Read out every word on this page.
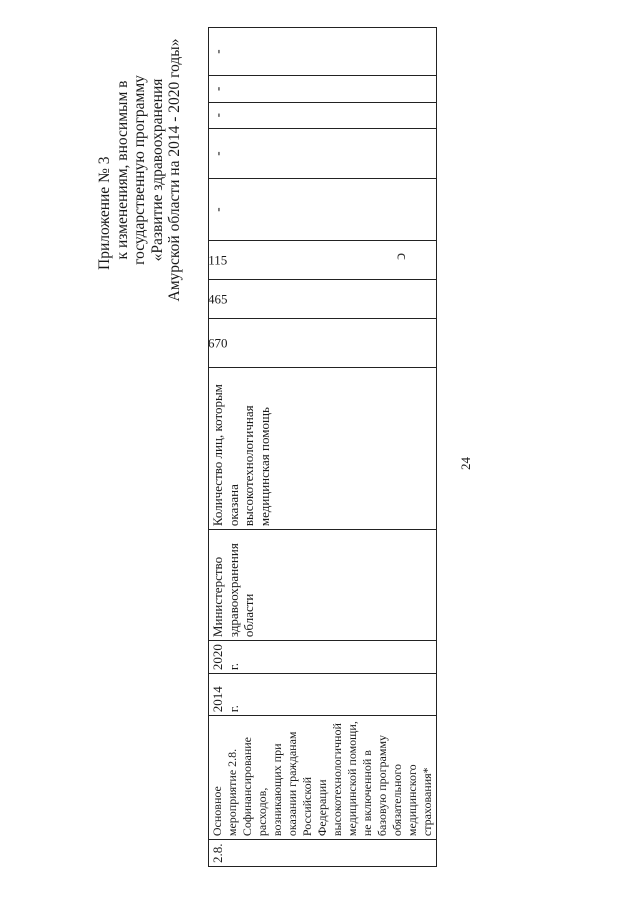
24
ↄ
Приложение № 3 к изменениям, вносимым в государственную программу «Развитие здравоохранения Амурской области на 2014 - 2020 годы»
2.8.	Основное мероприятие 2.8. Софинансирование расходов, возникающих при оказании гражданам Российской Федерации высокотехнологичной медицинской помощи, не включенной в базовую программу обязательного медицинского страхования*	2014 г.	2020 г.	Министерство здравоохранения области	Количество лиц, которым оказана высокотехнологичная медицинская помощь	670	465	115	-	-	-	-	-
